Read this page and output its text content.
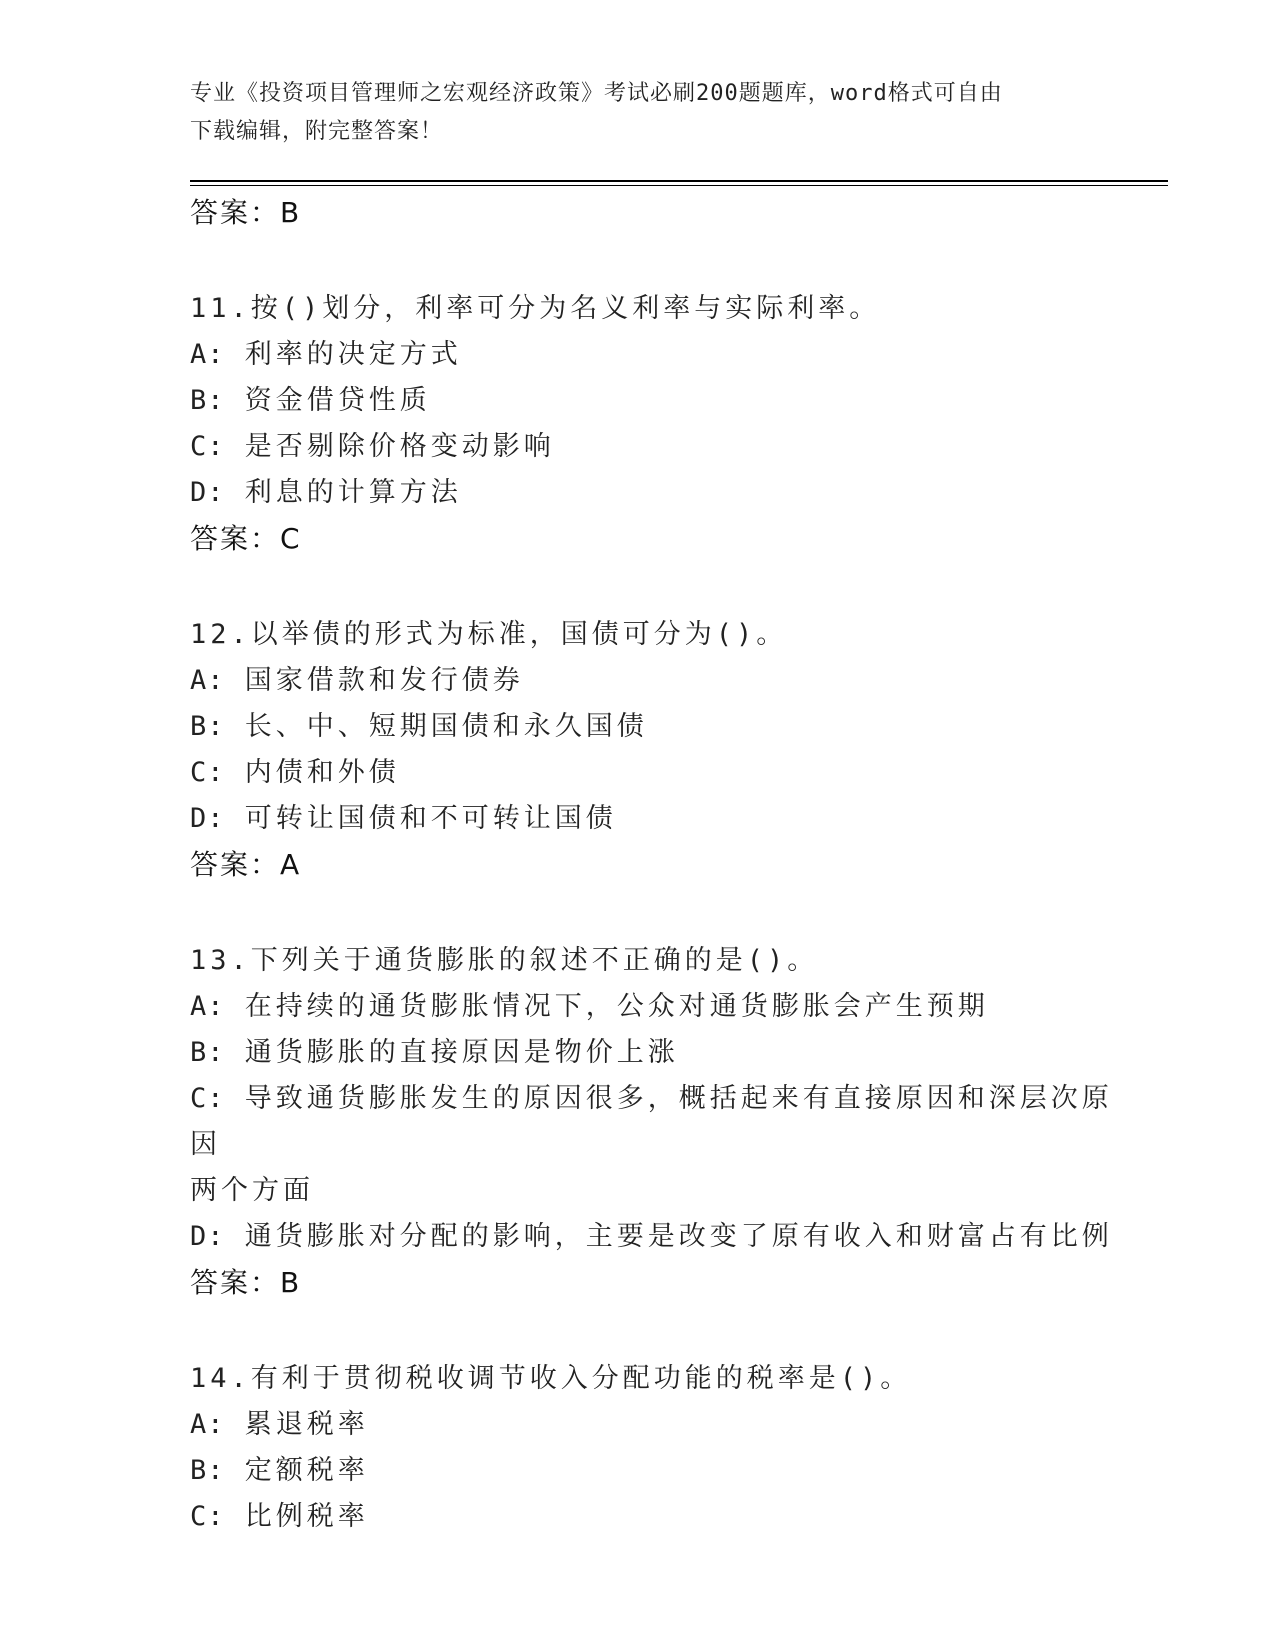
专业《投资项目管理师之宏观经济政策》考试必刷200题题库，word格式可自由
下载编辑，附完整答案！
答案：B
11.按()划分，利率可分为名义利率与实际利率。
A: 利率的决定方式
B: 资金借贷性质
C: 是否剔除价格变动影响
D: 利息的计算方法
答案：C
12.以举债的形式为标准，国债可分为()。
A: 国家借款和发行债券
B: 长、中、短期国债和永久国债
C: 内债和外债
D: 可转让国债和不可转让国债
答案：A
13.下列关于通货膨胀的叙述不正确的是()。
A: 在持续的通货膨胀情况下，公众对通货膨胀会产生预期
B: 通货膨胀的直接原因是物价上涨
C: 导致通货膨胀发生的原因很多，概括起来有直接原因和深层次原因
两个方面
D: 通货膨胀对分配的影响，主要是改变了原有收入和财富占有比例
答案：B
14.有利于贯彻税收调节收入分配功能的税率是()。
A: 累退税率
B: 定额税率
C: 比例税率
